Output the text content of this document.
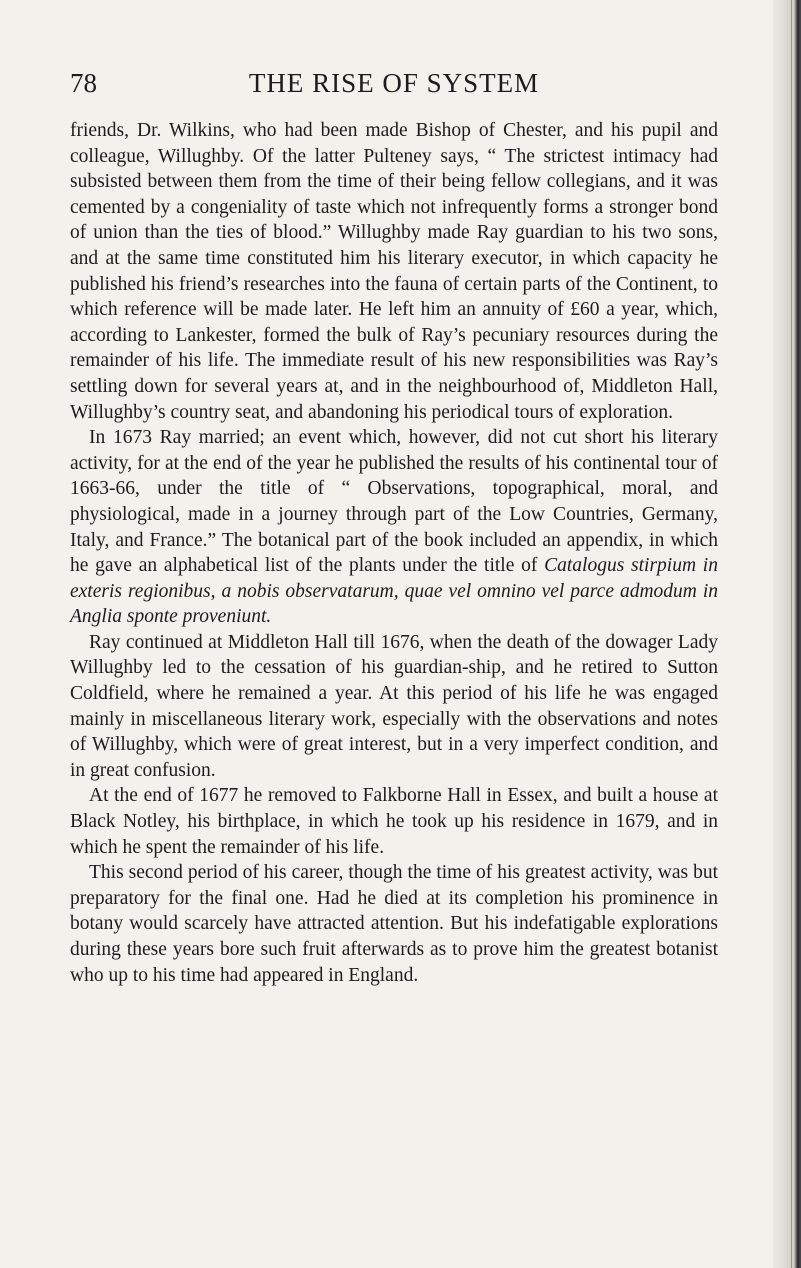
78	THE RISE OF SYSTEM

friends, Dr. Wilkins, who had been made Bishop of Chester, and his pupil and colleague, Willughby. Of the latter Pulteney says, “ The strictest intimacy had subsisted between them from the time of their being fellow collegians, and it was cemented by a congeniality of taste which not infrequently forms a stronger bond of union than the ties of blood.” Willughby made Ray guardian to his two sons, and at the same time constituted him his literary executor, in which capacity he published his friend’s researches into the fauna of certain parts of the Continent, to which reference will be made later. He left him an annuity of £60 a year, which, according to Lankester, formed the bulk of Ray’s pecuniary resources during the remainder of his life. The immediate result of his new responsibilities was Ray’s settling down for several years at, and in the neighbourhood of, Middleton Hall, Willughby’s country seat, and abandoning his periodical tours of exploration.

In 1673 Ray married; an event which, however, did not cut short his literary activity, for at the end of the year he published the results of his continental tour of 1663-66, under the title of “ Observations, topographical, moral, and physiological, made in a journey through part of the Low Countries, Germany, Italy, and France.” The botanical part of the book included an appendix, in which he gave an alphabetical list of the plants under the title of Catalogus stirpium in exteris regionibus, a nobis observatarum, quae vel omnino vel parce admodum in Anglia sponte proveniunt.

Ray continued at Middleton Hall till 1676, when the death of the dowager Lady Willughby led to the cessation of his guardian-ship, and he retired to Sutton Coldfield, where he remained a year. At this period of his life he was engaged mainly in miscellaneous literary work, especially with the observations and notes of Willughby, which were of great interest, but in a very imperfect condition, and in great confusion.

At the end of 1677 he removed to Falkborne Hall in Essex, and built a house at Black Notley, his birthplace, in which he took up his residence in 1679, and in which he spent the remainder of his life.

This second period of his career, though the time of his greatest activity, was but preparatory for the final one. Had he died at its completion his prominence in botany would scarcely have attracted attention. But his indefatigable explorations during these years bore such fruit afterwards as to prove him the greatest botanist who up to his time had appeared in England.
